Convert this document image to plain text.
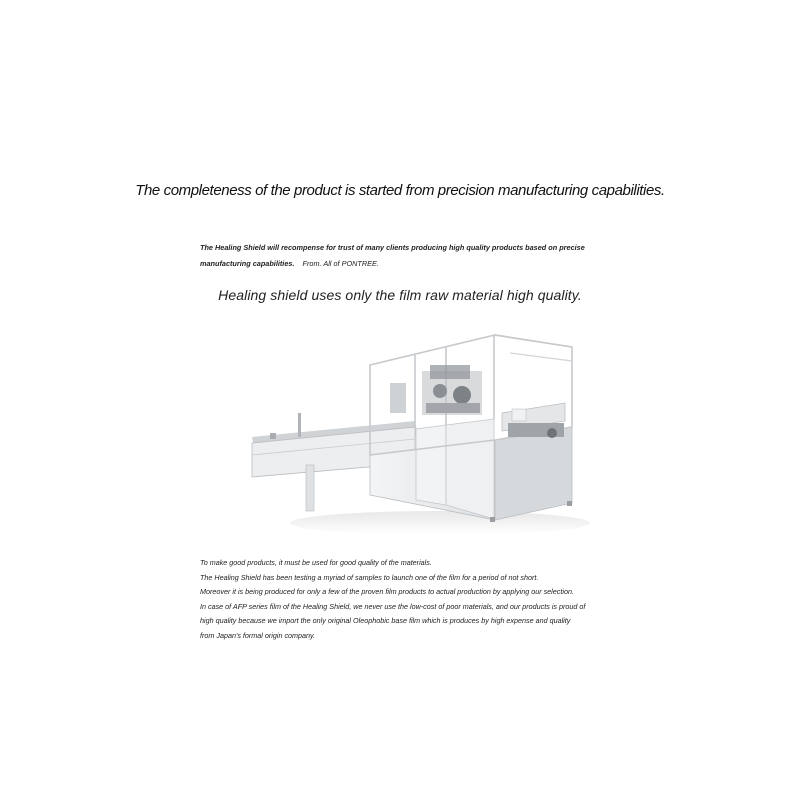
The completeness of the product is started from precision manufacturing capabilities.

The Healing Shield will recompense for trust of many clients producing high quality products based on precise manufacturing capabilities. From. All of PONTREE.

Healing shield uses only the film raw material high quality.
To make good products, it must be used for good quality of the materials.
The Healing Shield has been testing a myriad of samples to launch one of the film for a period of not short.
Moreover it is being produced for only a few of the proven film products to actual production by applying our selection.
In case of AFP series film of the Healing Shield, we never use the low-cost of poor materials, and our products is proud of
high quality because we import the only original Oleophobic base film which is produces by high expense and quality
from Japan's formal origin company.
